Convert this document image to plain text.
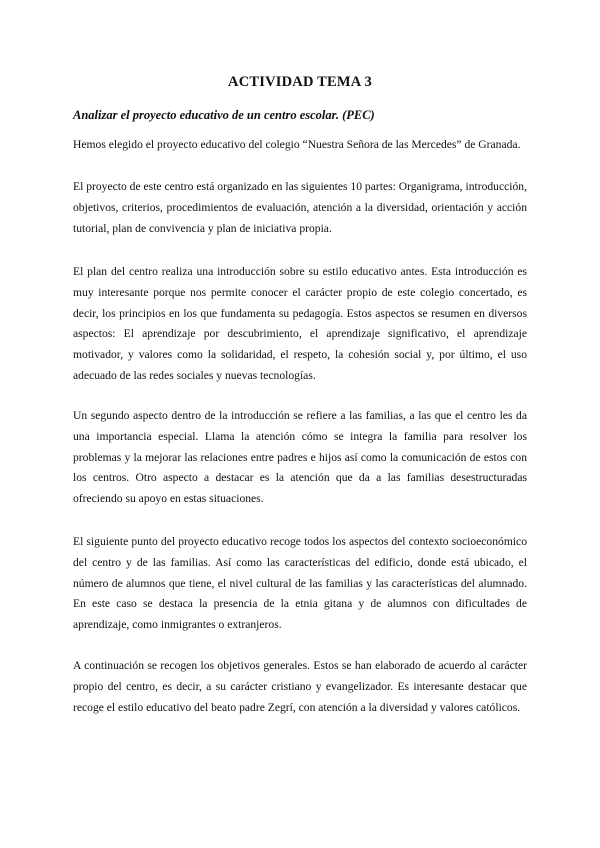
ACTIVIDAD TEMA 3
Analizar el proyecto educativo de un centro escolar. (PEC)

Hemos elegido el proyecto educativo del colegio “Nuestra Señora de las Mercedes” de Granada.

El proyecto de este centro está organizado en las siguientes 10 partes: Organigrama, introducción, objetivos, criterios, procedimientos de evaluación, atención a la diversidad, orientación y acción tutorial, plan de convivencia y plan de iniciativa propia.

El plan del centro realiza una introducción sobre su estilo educativo antes. Esta introducción es muy interesante porque nos permite conocer el carácter propio de este colegio concertado, es decir, los principios en los que fundamenta su pedagogía. Estos aspectos se resumen en diversos aspectos: El aprendizaje por descubrimiento, el aprendizaje significativo, el aprendizaje motivador, y valores como la solidaridad, el respeto, la cohesión social y, por último, el uso adecuado de las redes sociales y nuevas tecnologías.

Un segundo aspecto dentro de la introducción se refiere a las familias, a las que el centro les da una importancia especial. Llama la atención cómo se integra la familia para resolver los problemas y la mejorar las relaciones entre padres e hijos así como la comunicación de estos con los centros. Otro aspecto a destacar es la atención que da a las familias desestructuradas ofreciendo su apoyo en estas situaciones.

El siguiente punto del proyecto educativo recoge todos los aspectos del contexto socioeconómico del centro y de las familias. Así como las características del edificio, donde está ubicado, el número de alumnos que tiene, el nivel cultural de las familias y las características del alumnado. En este caso se destaca la presencia de la etnia gitana y de alumnos con dificultades de aprendizaje, como inmigrantes o extranjeros.

A continuación se recogen los objetivos generales. Estos se han elaborado de acuerdo al carácter propio del centro, es decir, a su carácter cristiano y evangelizador. Es interesante destacar que recoge el estilo educativo del beato padre Zegrí, con atención a la diversidad y valores católicos.
